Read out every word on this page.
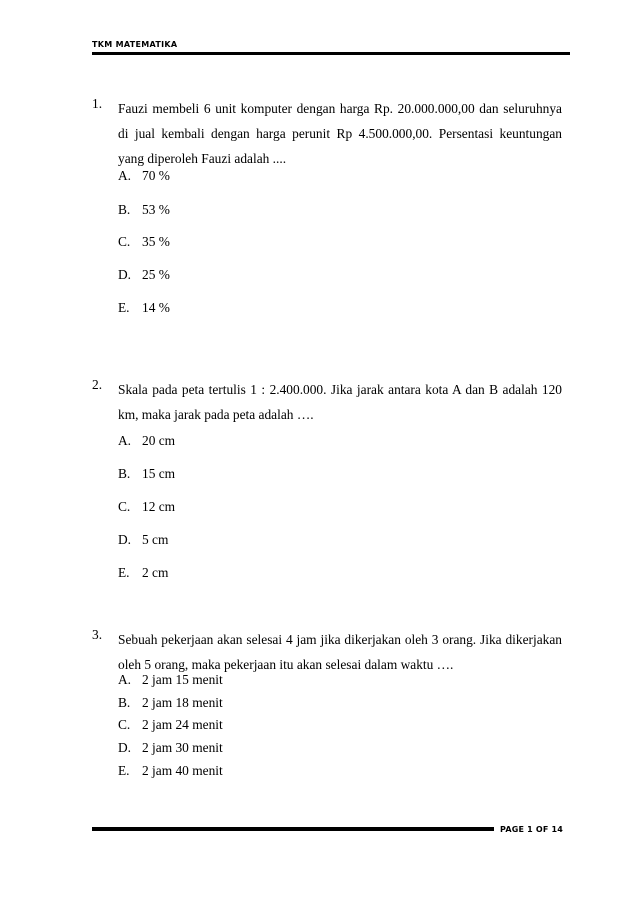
TKM MATEMATIKA
1. Fauzi membeli 6 unit komputer dengan harga Rp. 20.000.000,00 dan seluruhnya di jual kembali dengan harga perunit Rp 4.500.000,00. Persentasi keuntungan yang diperoleh Fauzi adalah ....
A. 70 %
B. 53 %
C. 35 %
D. 25 %
E. 14 %
2. Skala pada peta tertulis 1 : 2.400.000. Jika jarak antara kota A dan B adalah 120 km, maka jarak pada peta adalah ….
A. 20 cm
B. 15 cm
C. 12 cm
D. 5 cm
E. 2 cm
3. Sebuah pekerjaan akan selesai 4 jam jika dikerjakan oleh 3 orang. Jika dikerjakan oleh 5 orang, maka pekerjaan itu akan selesai dalam waktu ….
A. 2 jam 15 menit
B. 2 jam 18 menit
C. 2 jam 24 menit
D. 2 jam 30 menit
E. 2 jam 40 menit
PAGE 1 OF 14
